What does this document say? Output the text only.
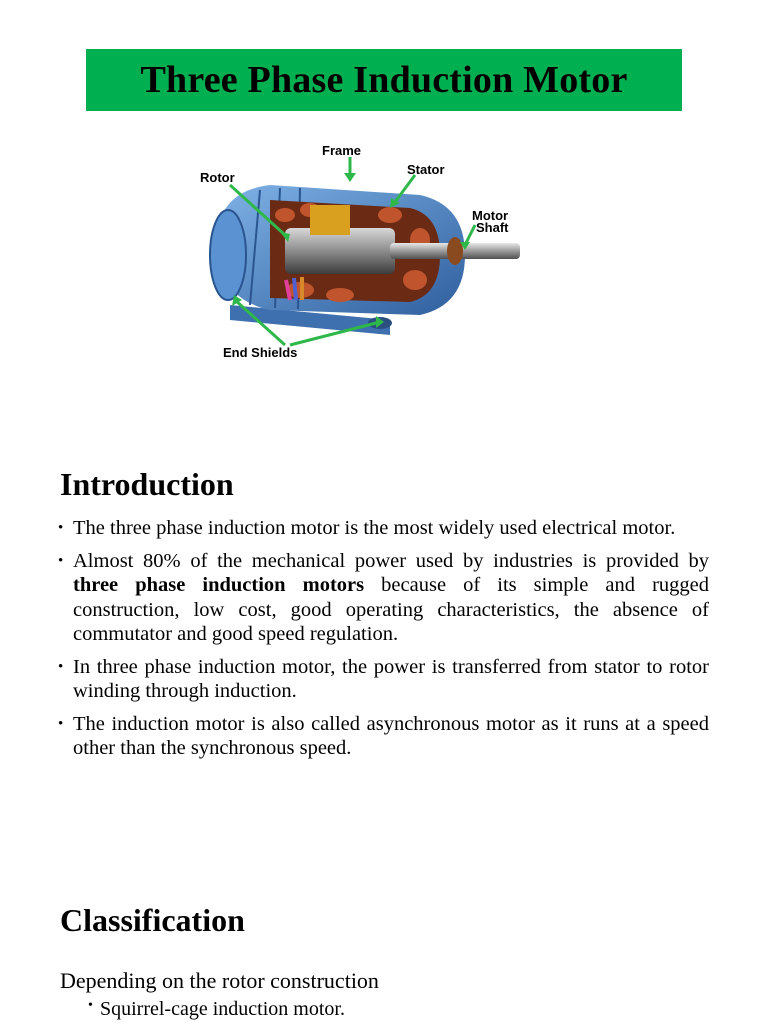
Three Phase Induction Motor
Frame
Rotor
Stator
Motor
Shaft
End Shields
Introduction
• The three phase induction motor is the most widely used electrical motor.
• Almost 80% of the mechanical power used by industries is provided by three phase induction motors because of its simple and rugged construction, low cost, good operating characteristics, the absence of commutator and good speed regulation.
• In three phase induction motor, the power is transferred from stator to rotor winding through induction.
• The induction motor is also called asynchronous motor as it runs at a speed other than the synchronous speed.
Classification

Depending on the rotor construction

• Squirrel-cage induction motor.
